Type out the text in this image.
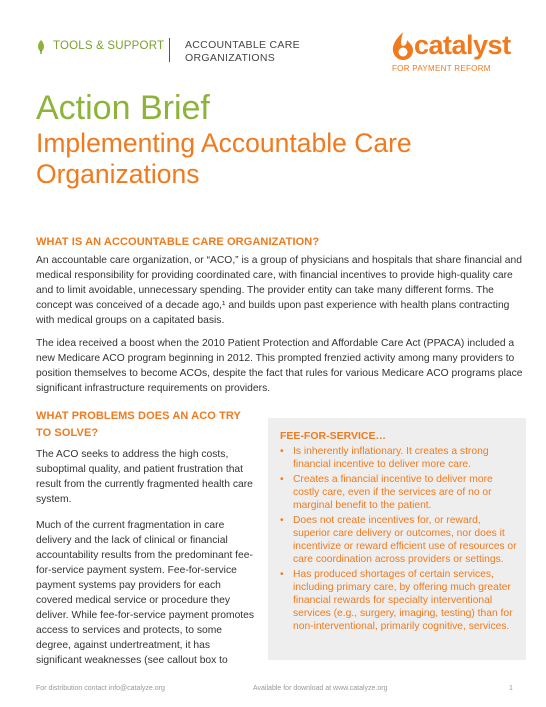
TOOLS & SUPPORT ACCOUNTABLE CARE
ORGANIZATIONS	catalyst
FOR PAYMENT REFORM
Action Brief
Implementing Accountable Care Organizations
WHAT IS AN ACCOUNTABLE CARE ORGANIZATION?

An accountable care organization, or “ACO,” is a group of physicians and hospitals that share financial and medical responsibility for providing coordinated care, with financial incentives to provide high-quality care and to limit avoidable, unnecessary spending. The provider entity can take many different forms. The concept was conceived of a decade ago,¹ and builds upon past experience with health plans contracting with medical groups on a capitated basis.

The idea received a boost when the 2010 Patient Protection and Affordable Care Act (PPACA) included a new Medicare ACO program beginning in 2012. This prompted frenzied activity among many providers to position themselves to become ACOs, despite the fact that rules for various Medicare ACO programs place significant infrastructure requirements on providers.

WHAT PROBLEMS DOES AN ACO TRY TO SOLVE?

The ACO seeks to address the high costs, suboptimal quality, and patient frustration that result from the currently fragmented health care system.

Much of the current fragmentation in care delivery and the lack of clinical or financial accountability results from the predominant fee-for-service payment system. Fee-for-service payment systems pay providers for each covered medical service or procedure they deliver. While fee-for-service payment promotes access to services and protects, to some degree, against undertreatment, it has significant weaknesses (see callout box to

FEE-FOR-SERVICE…
• Is inherently inflationary. It creates a strong financial incentive to deliver more care.
• Creates a financial incentive to deliver more costly care, even if the services are of no or marginal benefit to the patient.
• Does not create incentives for, or reward, superior care delivery or outcomes, nor does it incentivize or reward efficient use of resources or care coordination across providers or settings.
• Has produced shortages of certain services, including primary care, by offering much greater financial rewards for specialty interventional services (e.g., surgery, imaging, testing) than for non-interventional, primarily cognitive, services.
For distribution contact info@catalyze.org	Available for download at www.catalyze.org	1
